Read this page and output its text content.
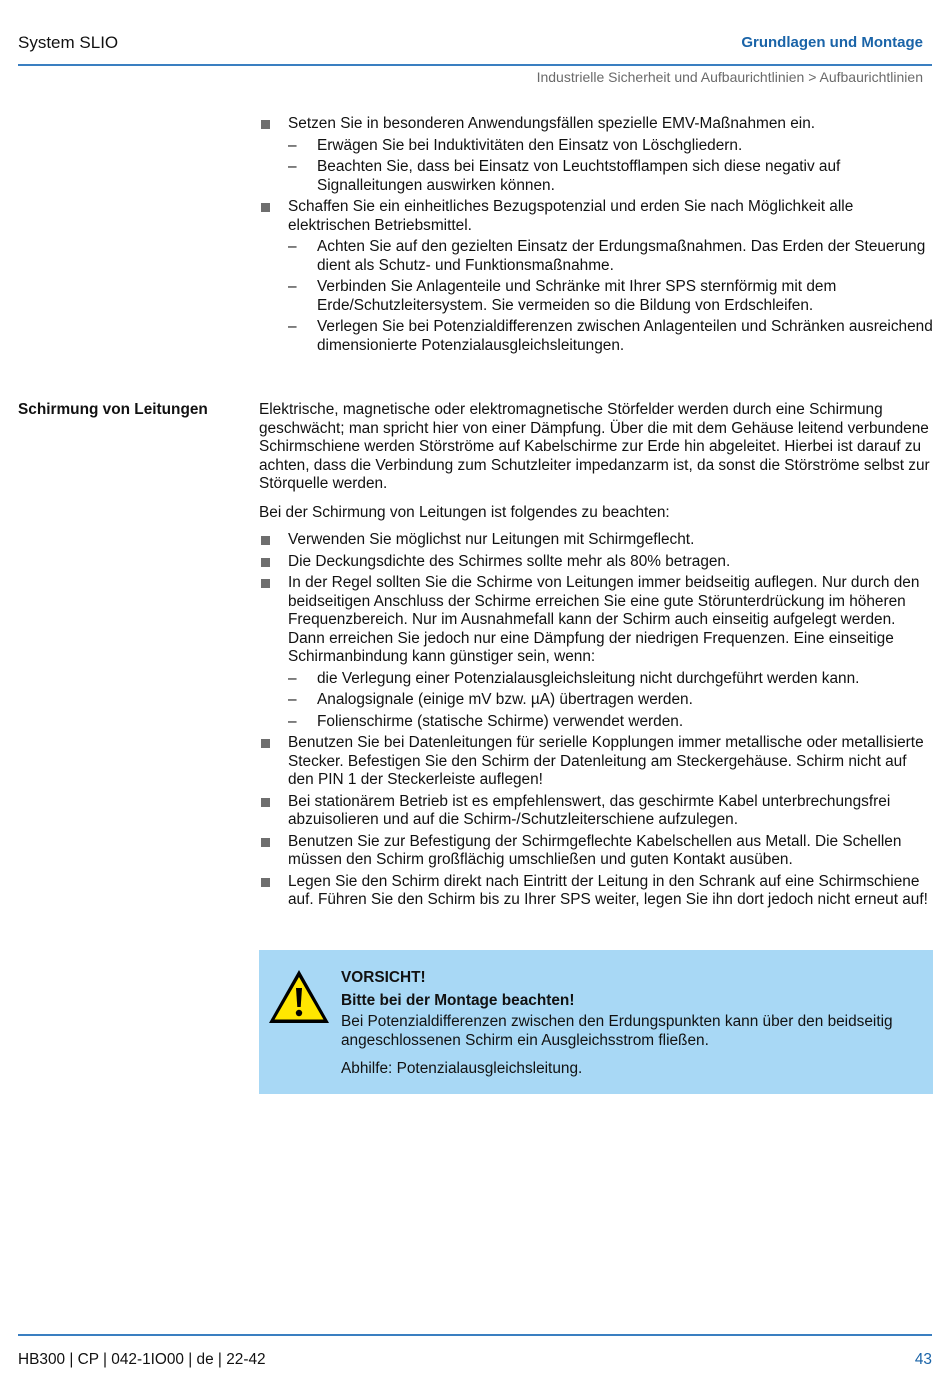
System SLIO	Grundlagen und Montage
Industrielle Sicherheit und Aufbaurichtlinien > Aufbaurichtlinien
Setzen Sie in besonderen Anwendungsfällen spezielle EMV-Maßnahmen ein.
– Erwägen Sie bei Induktivitäten den Einsatz von Löschgliedern.
– Beachten Sie, dass bei Einsatz von Leuchtstofflampen sich diese negativ auf Signalleitungen auswirken können.
Schaffen Sie ein einheitliches Bezugspotenzial und erden Sie nach Möglichkeit alle elektrischen Betriebsmittel.
– Achten Sie auf den gezielten Einsatz der Erdungsmaßnahmen. Das Erden der Steuerung dient als Schutz- und Funktionsmaßnahme.
– Verbinden Sie Anlagenteile und Schränke mit Ihrer SPS sternförmig mit dem Erde/Schutzleitersystem. Sie vermeiden so die Bildung von Erdschleifen.
– Verlegen Sie bei Potenzialdifferenzen zwischen Anlagenteilen und Schränken ausreichend dimensionierte Potenzialausgleichsleitungen.
Schirmung von Leitungen	Elektrische, magnetische oder elektromagnetische Störfelder werden durch eine Schirmung geschwächt; man spricht hier von einer Dämpfung. Über die mit dem Gehäuse leitend verbundene Schirmschiene werden Störströme auf Kabelschirme zur Erde hin abgeleitet. Hierbei ist darauf zu achten, dass die Verbindung zum Schutzleiter impedanzarm ist, da sonst die Störströme selbst zur Störquelle werden.

Bei der Schirmung von Leitungen ist folgendes zu beachten:

Verwenden Sie möglichst nur Leitungen mit Schirmgeflecht.
Die Deckungsdichte des Schirmes sollte mehr als 80% betragen.
In der Regel sollten Sie die Schirme von Leitungen immer beidseitig auflegen. Nur durch den beidseitigen Anschluss der Schirme erreichen Sie eine gute Störunterdrückung im höheren Frequenzbereich. Nur im Ausnahmefall kann der Schirm auch einseitig aufgelegt werden. Dann erreichen Sie jedoch nur eine Dämpfung der niedrigen Frequenzen. Eine einseitige Schirmanbindung kann günstiger sein, wenn:
– die Verlegung einer Potenzialausgleichsleitung nicht durchgeführt werden kann.
– Analogsignale (einige mV bzw. µA) übertragen werden.
– Folienschirme (statische Schirme) verwendet werden.
Benutzen Sie bei Datenleitungen für serielle Kopplungen immer metallische oder metallisierte Stecker. Befestigen Sie den Schirm der Datenleitung am Steckergehäuse. Schirm nicht auf den PIN 1 der Steckerleiste auflegen!
Bei stationärem Betrieb ist es empfehlenswert, das geschirmte Kabel unterbrechungsfrei abzuisolieren und auf die Schirm-/Schutzleiterschiene aufzulegen.
Benutzen Sie zur Befestigung der Schirmgeflechte Kabelschellen aus Metall. Die Schellen müssen den Schirm großflächig umschließen und guten Kontakt ausüben.
Legen Sie den Schirm direkt nach Eintritt der Leitung in den Schrank auf eine Schirmschiene auf. Führen Sie den Schirm bis zu Ihrer SPS weiter, legen Sie ihn dort jedoch nicht erneut auf!
VORSICHT!
Bitte bei der Montage beachten!
Bei Potenzialdifferenzen zwischen den Erdungspunkten kann über den beidseitig angeschlossenen Schirm ein Ausgleichsstrom fließen.
Abhilfe: Potenzialausgleichsleitung.
HB300 | CP | 042-1IO00 | de | 22-42	43
